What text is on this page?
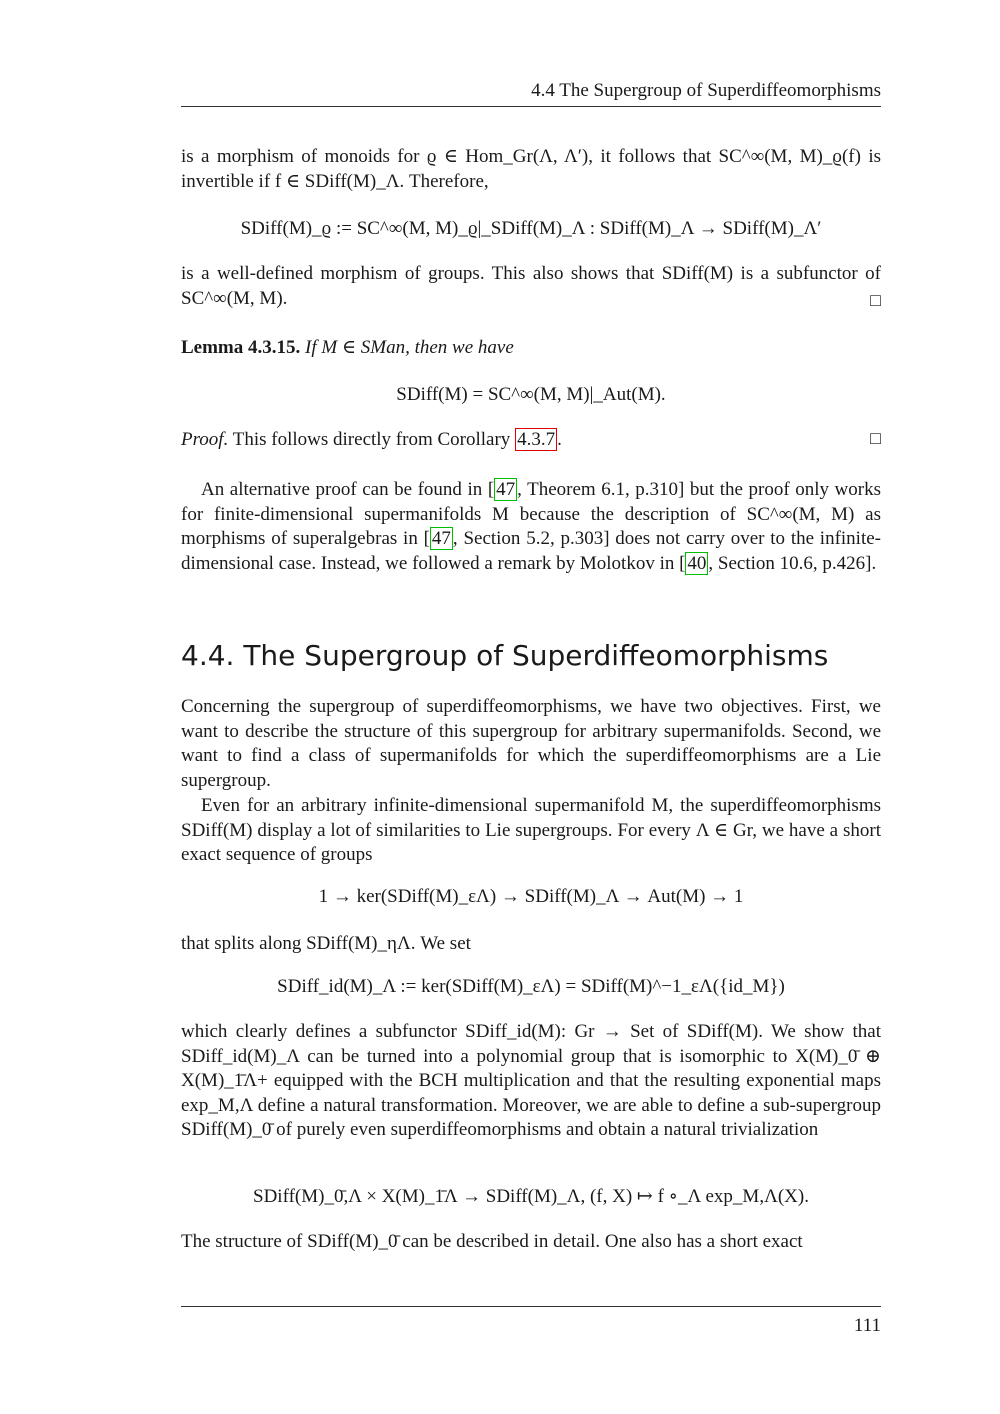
4.4 The Supergroup of Superdiffeomorphisms
is a morphism of monoids for ϱ ∈ Hom_Gr(Λ, Λ′), it follows that SC^∞(M, M)_ϱ(f) is invertible if f ∈ SDiff(M)_Λ. Therefore,
SDiff(M)_ϱ := SC^∞(M, M)_ϱ|_SDiff(M)_Λ : SDiff(M)_Λ → SDiff(M)_Λ′
is a well-defined morphism of groups. This also shows that SDiff(M) is a subfunctor of SC^∞(M, M).	□
Lemma 4.3.15. If M ∈ SMan, then we have
SDiff(M) = SC^∞(M, M)|_Aut(M).
Proof. This follows directly from Corollary 4.3.7 .	□
An alternative proof can be found in [ 47 , Theorem 6.1, p.310] but the proof only works for finite-dimensional supermanifolds M because the description of SC^∞(M, M) as morphisms of superalgebras in [ 47 , Section 5.2, p.303] does not carry over to the infinite-dimensional case. Instead, we followed a remark by Molotkov in [ 40 , Section 10.6, p.426].
4.4. The Supergroup of Superdiffeomorphisms
Concerning the supergroup of superdiffeomorphisms, we have two objectives. First, we want to describe the structure of this supergroup for arbitrary supermanifolds. Second, we want to find a class of supermanifolds for which the superdiffeomorphisms are a Lie supergroup.
Even for an arbitrary infinite-dimensional supermanifold M, the superdiffeomorphisms SDiff(M) display a lot of similarities to Lie supergroups. For every Λ ∈ Gr, we have a short exact sequence of groups
1 → ker(SDiff(M)_εΛ) → SDiff(M)_Λ → Aut(M) → 1
that splits along SDiff(M)_ηΛ. We set
SDiff_id(M)_Λ := ker(SDiff(M)_εΛ) = SDiff(M)^−1_εΛ({id_M})
which clearly defines a subfunctor SDiff_id(M): Gr → Set of SDiff(M). We show that SDiff_id(M)_Λ can be turned into a polynomial group that is isomorphic to X(M)_0̄ ⊕ X(M)_1̄Λ+ equipped with the BCH multiplication and that the resulting exponential maps exp_M,Λ define a natural transformation. Moreover, we are able to define a sub-supergroup SDiff(M)_0̄ of purely even superdiffeomorphisms and obtain a natural trivialization
SDiff(M)_0̄,Λ × X(M)_1̄Λ → SDiff(M)_Λ, (f, X) ↦ f ∘_Λ exp_M,Λ(X).
The structure of SDiff(M)_0̄ can be described in detail. One also has a short exact
111
